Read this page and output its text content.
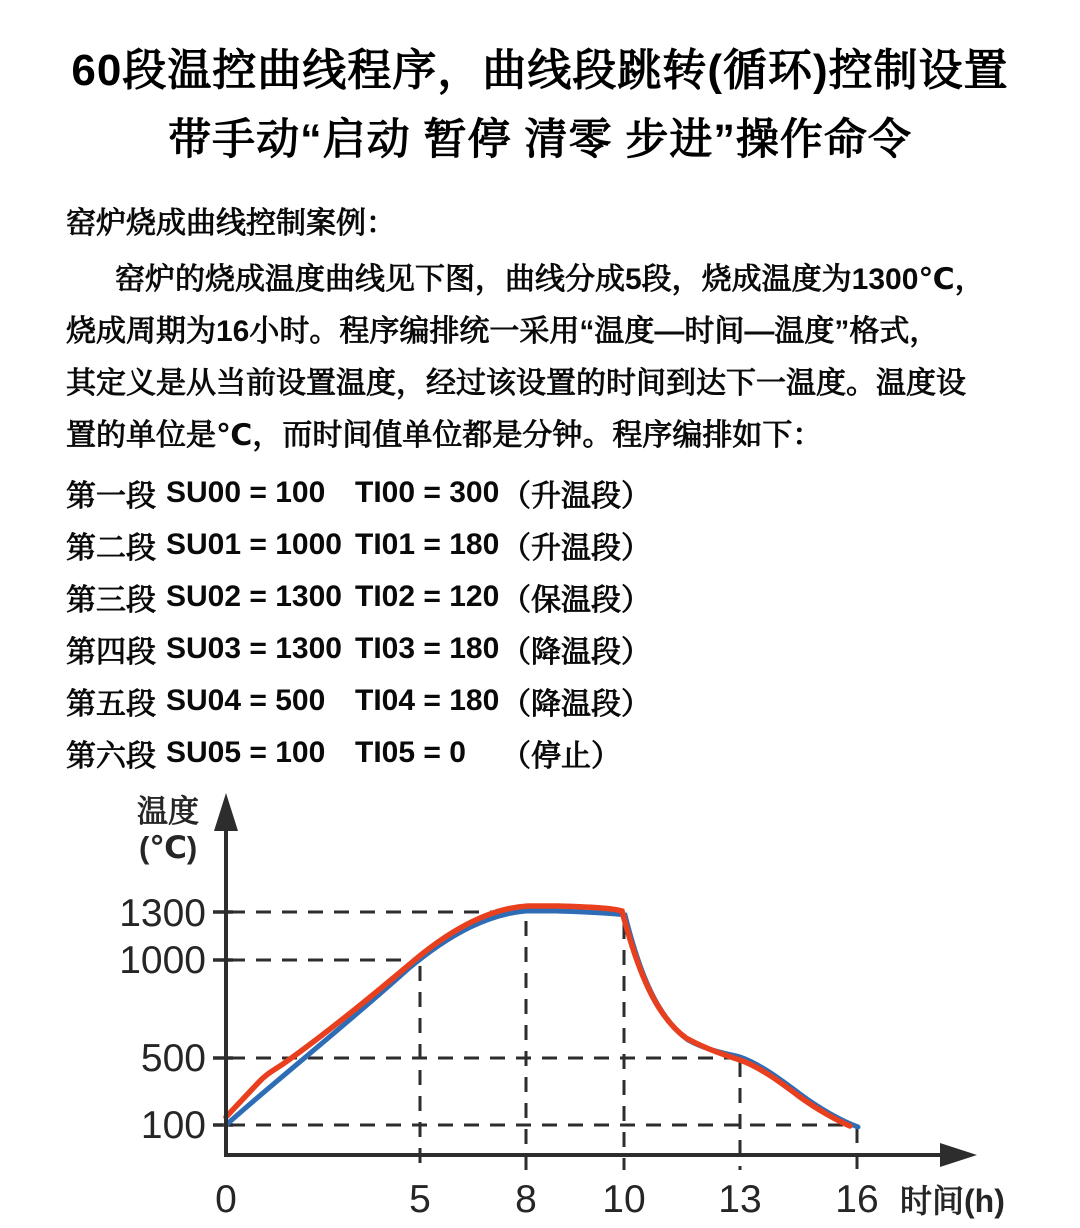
60段温控曲线程序，曲线段跳转(循环)控制设置
带手动“启动 暂停 清零 步进”操作命令
窑炉烧成曲线控制案例：
窑炉的烧成温度曲线见下图，曲线分成5段，烧成温度为1300℃，
烧成周期为16小时。程序编排统一采用“温度—时间—温度”格式，
其定义是从当前设置温度，经过该设置的时间到达下一温度。温度设
置的单位是℃，而时间值单位都是分钟。程序编排如下：
第一段 SU00 = 100 TI00 = 300 （升温段）
第二段 SU01 = 1000 TI01 = 180 （升温段）
第三段 SU02 = 1300 TI02 = 120 （保温段）
第四段 SU03 = 1300 TI03 = 180 （降温段）
第五段 SU04 = 500 TI04 = 180 （降温段）
第六段 SU05 = 100 TI05 = 0	（停止）
温度
(℃)
时间(h)
1300
1000
500
100
0	5 8 10 13 16
